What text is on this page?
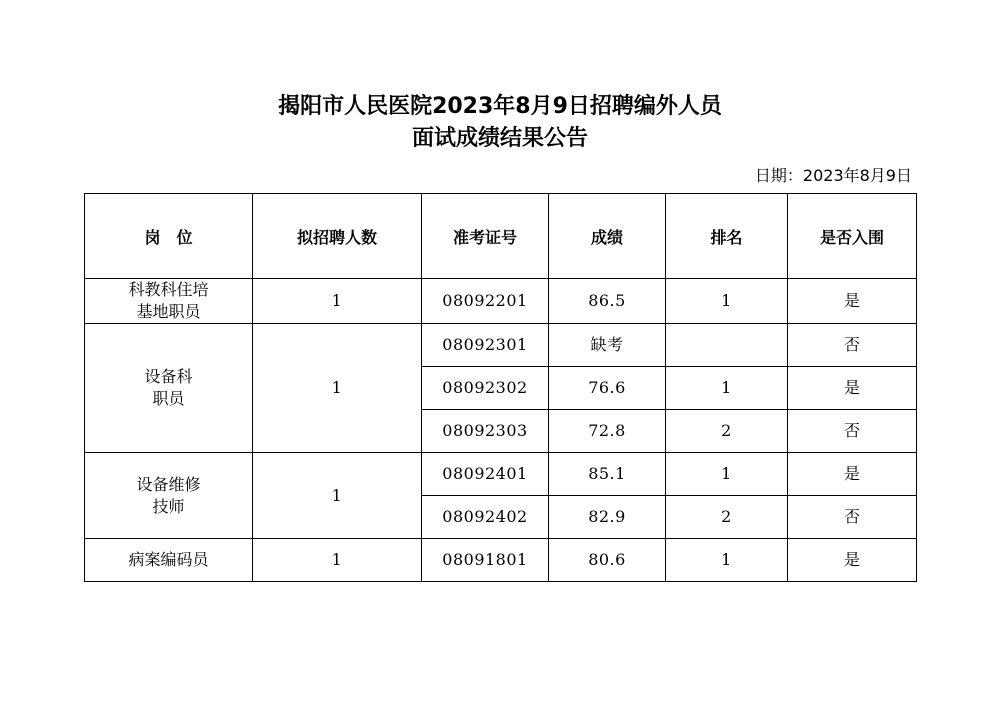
揭阳市人民医院2023年8月9日招聘编外人员
面试成绩结果公告
日期：2023年8月9日
岗　位	拟招聘人数	准考证号	成绩	排名	是否入围

科教科住培
基地职员	1	08092201	86.5	1	是

设备科
职员	1	08092301	缺考		否
		08092302	76.6	1	是
		08092303	72.8	2	否

设备维修
技师	1	08092401	85.1	1	是
		08092402	82.9	2	否

病案编码员	1	08091801	80.6	1	是
